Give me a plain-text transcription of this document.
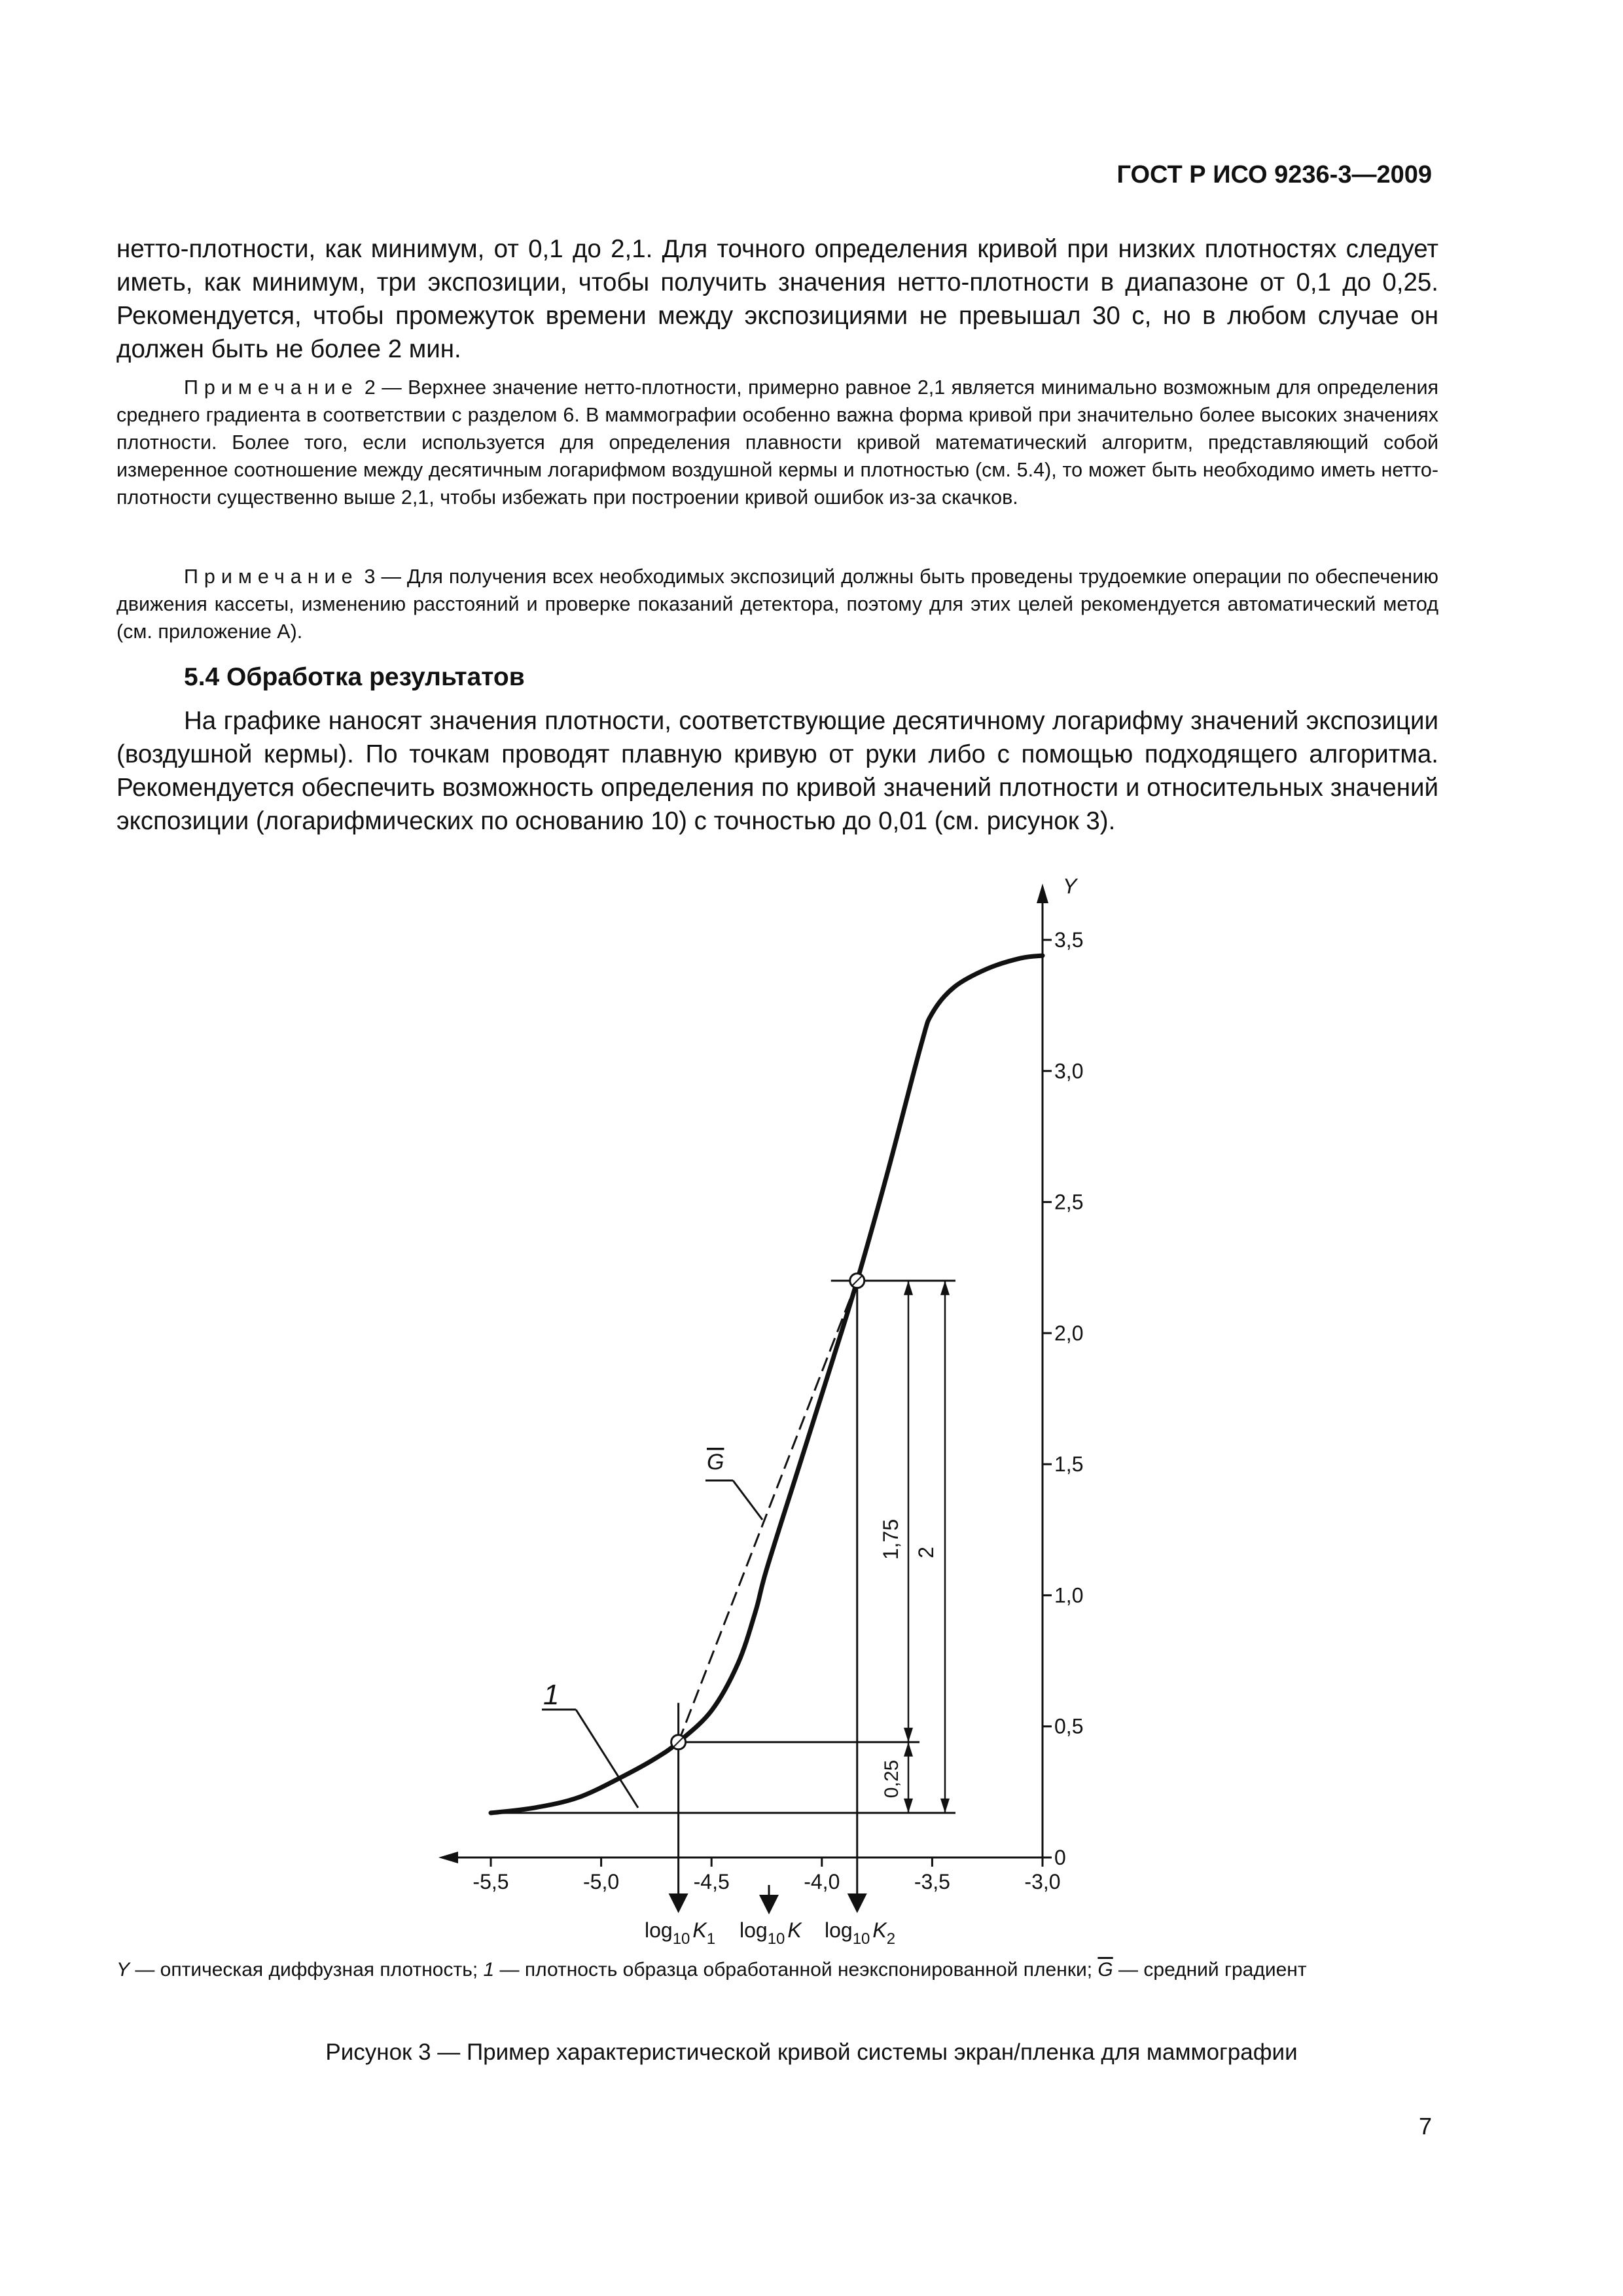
ГОСТ Р ИСО 9236-3—2009

нетто-плотности, как минимум, от 0,1 до 2,1. Для точного определения кривой при низких плотностях следует иметь, как минимум, три экспозиции, чтобы получить значения нетто-плотности в диапазоне от 0,1 до 0,25. Рекомендуется, чтобы промежуток времени между экспозициями не превышал 30 с, но в любом случае он должен быть не более 2 мин.

Примечание 2 — Верхнее значение нетто-плотности, примерно равное 2,1 является минимально возможным для определения среднего градиента в соответствии с разделом 6. В маммографии особенно важна форма кривой при значительно более высоких значениях плотности. Более того, если используется для определения плавности кривой математический алгоритм, представляющий собой измеренное соотношение между десятичным логарифмом воздушной кермы и плотностью (см. 5.4), то может быть необходимо иметь нетто-плотности существенно выше 2,1, чтобы избежать при построении кривой ошибок из-за скачков.

Примечание 3 — Для получения всех необходимых экспозиций должны быть проведены трудоемкие операции по обеспечению движения кассеты, изменению расстояний и проверке показаний детектора, поэтому для этих целей рекомендуется автоматический метод (см. приложение А).

5.4 Обработка результатов

На графике наносят значения плотности, соответствующие десятичному логарифму значений экспозиции (воздушной кермы). По точкам проводят плавную кривую от руки либо с помощью подходящего алгоритма. Рекомендуется обеспечить возможность определения по кривой значений плотности и относительных значений экспозиции (логарифмических по основанию 10) с точностью до 0,01 (см. рисунок 3).

0
0,5
1,0
1,5
2,0
2,5
3,0
3,5
-5,5	-5,0	-4,5	-4,0	-3,5	-3,0
Y
1
G
1,75 2
0,25
$\log_{10} K_1$ $\log_{10} K$ $\log_{10} K_2$
Y — оптическая диффузная плотность; 1 — плотность образца обработанной неэкспонированной пленки; $\overline{G}$ — средний градиент
Рисунок 3 — Пример характеристической кривой системы экран/пленка для маммографии
7
